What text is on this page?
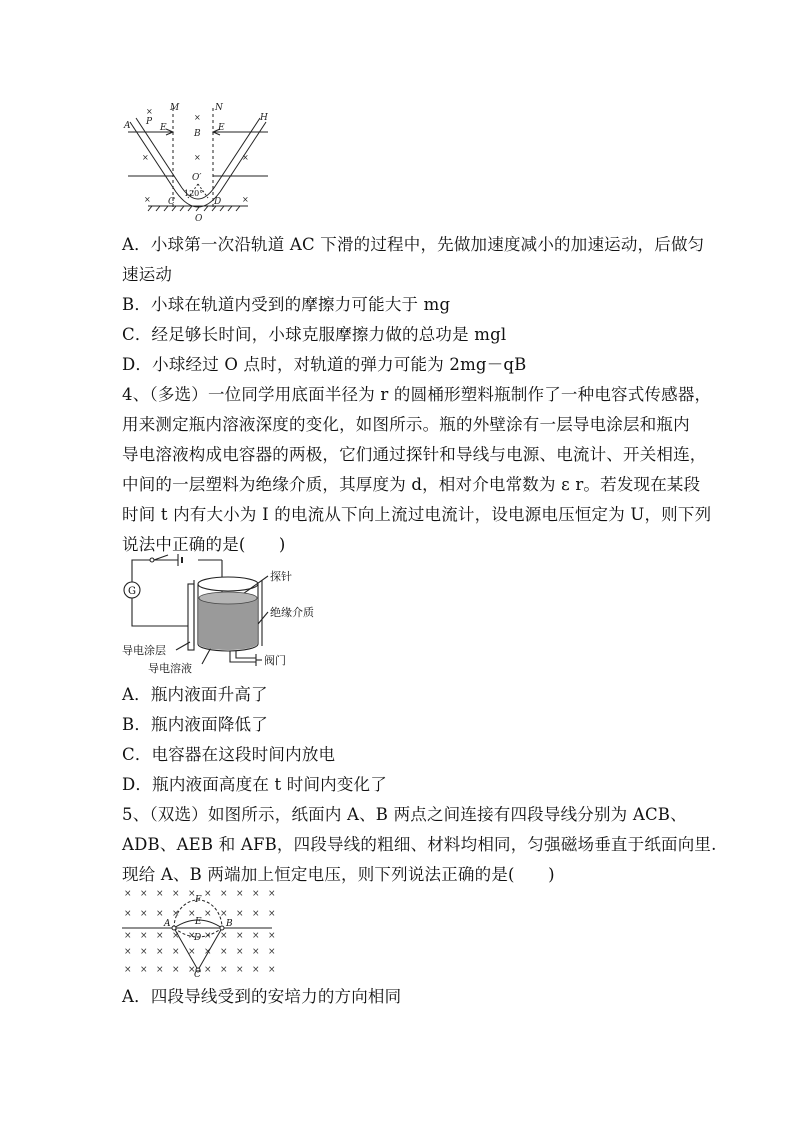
M	N
A P
E
B
E
H
O′
120°
C	D
O
×
×
×	×	×
×	×
A．小球第一次沿轨道 AC 下滑的过程中，先做加速度减小的加速运动，后做匀
速运动
B．小球在轨道内受到的摩擦力可能大于 mg
C．经足够长时间，小球克服摩擦力做的总功是 mgl
D．小球经过 O 点时，对轨道的弹力可能为 2mg－qB
4、（多选）一位同学用底面半径为 r 的圆桶形塑料瓶制作了一种电容式传感器，
用来测定瓶内溶液深度的变化，如图所示。瓶的外壁涂有一层导电涂层和瓶内
导电溶液构成电容器的两极，它们通过探针和导线与电源、电流计、开关相连，
中间的一层塑料为绝缘介质，其厚度为 d，相对介电常数为 ε r。若发现在某段
时间 t 内有大小为 I 的电流从下向上流过电流计，设电源电压恒定为 U，则下列
说法中正确的是(　　)
G
探针
绝缘介质
导电涂层
导电溶液
阀门
A．瓶内液面升高了
B．瓶内液面降低了
C．电容器在这段时间内放电
D．瓶内液面高度在 t 时间内变化了
5、（双选）如图所示，纸面内 A、B 两点之间连接有四段导线分别为 ACB、
ADB、AEB 和 AFB，四段导线的粗细、材料均相同，匀强磁场垂直于纸面向里.
现给 A、B 两端加上恒定电压，则下列说法正确的是(　　)
× × × × × × × × × ×
× × × × × × × × × ×
× × × × × × × × × ×
× × × × × × × × × ×
× × × × × × × × × ×
F
E
D
A	B
C
A．四段导线受到的安培力的方向相同
